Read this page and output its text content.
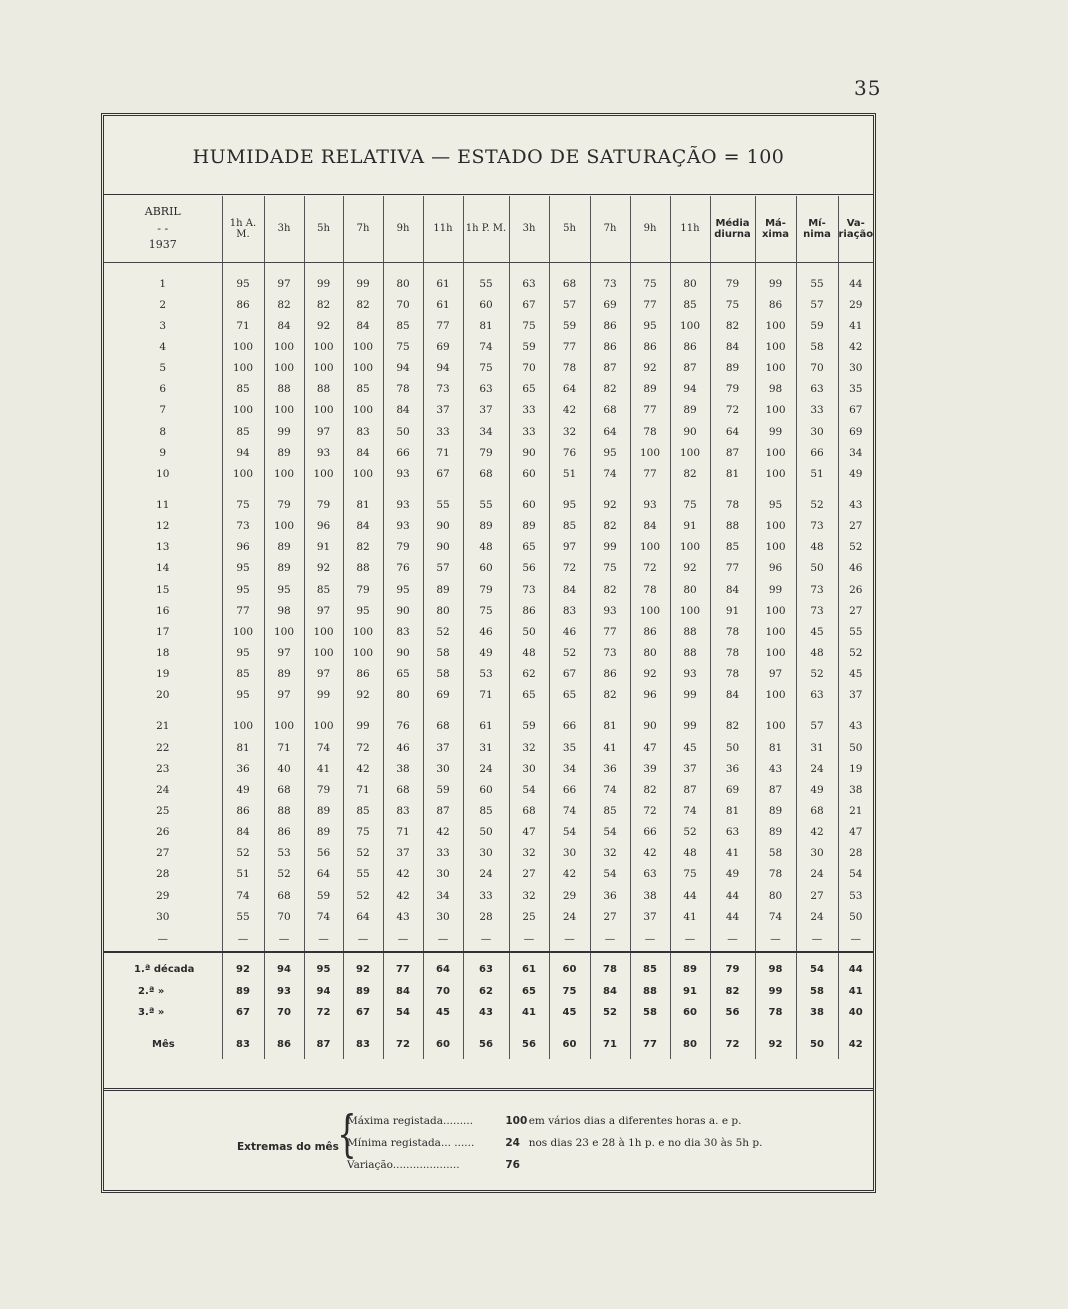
35
HUMIDADE RELATIVA — ESTADO DE SATURAÇÃO = 100
ABRIL
- -
1937	1h A. M.	3h	5h	7h	9h	11h	1h P. M.	3h	5h	7h	9h	11h	Média diurna	Má- xima	Mí- nima	Va- riação
1	95	97	99	99	80	61	55	63	68	73	75	80	79	99	55	44
2	86	82	82	82	70	61	60	67	57	69	77	85	75	86	57	29
3	71	84	92	84	85	77	81	75	59	86	95	100	82	100	59	41
4	100	100	100	100	75	69	74	59	77	86	86	86	84	100	58	42
5	100	100	100	100	94	94	75	70	78	87	92	87	89	100	70	30
6	85	88	88	85	78	73	63	65	64	82	89	94	79	98	63	35
7	100	100	100	100	84	37	37	33	42	68	77	89	72	100	33	67
8	85	99	97	83	50	33	34	33	32	64	78	90	64	99	30	69
9	94	89	93	84	66	71	79	90	76	95	100	100	87	100	66	34
10	100	100	100	100	93	67	68	60	51	74	77	82	81	100	51	49
11	75	79	79	81	93	55	55	60	95	92	93	75	78	95	52	43
12	73	100	96	84	93	90	89	89	85	82	84	91	88	100	73	27
13	96	89	91	82	79	90	48	65	97	99	100	100	85	100	48	52
14	95	89	92	88	76	57	60	56	72	75	72	92	77	96	50	46
15	95	95	85	79	95	89	79	73	84	82	78	80	84	99	73	26
16	77	98	97	95	90	80	75	86	83	93	100	100	91	100	73	27
17	100	100	100	100	83	52	46	50	46	77	86	88	78	100	45	55
18	95	97	100	100	90	58	49	48	52	73	80	88	78	100	48	52
19	85	89	97	86	65	58	53	62	67	86	92	93	78	97	52	45
20	95	97	99	92	80	69	71	65	65	82	96	99	84	100	63	37
21	100	100	100	99	76	68	61	59	66	81	90	99	82	100	57	43
22	81	71	74	72	46	37	31	32	35	41	47	45	50	81	31	50
23	36	40	41	42	38	30	24	30	34	36	39	37	36	43	24	19
24	49	68	79	71	68	59	60	54	66	74	82	87	69	87	49	38
25	86	88	89	85	83	87	85	68	74	85	72	74	81	89	68	21
26	84	86	89	75	71	42	50	47	54	54	66	52	63	89	42	47
27	52	53	56	52	37	33	30	32	30	32	42	48	41	58	30	28
28	51	52	64	55	42	30	24	27	42	54	63	75	49	78	24	54
29	74	68	59	52	42	34	33	32	29	36	38	44	44	80	27	53
30	55	70	74	64	43	30	28	25	24	27	37	41	44	74	24	50
—	—	—	—	—	—	—	—	—	—	—	—	—	—	—	—	—
1.ª década	92	94	95	92	77	64	63	61	60	78	85	89	79	98	54	44
2.ª »	89	93	94	89	84	70	62	65	75	84	88	91	82	99	58	41
3.ª »	67	70	72	67	54	45	43	41	45	52	58	60	56	78	38	40
Mês	83	86	87	83	72	60	56	56	60	71	77	80	72	92	50	42
Extremas do mês
{
Máxima registada.........	100 em vários dias a diferentes horas a. e p.
Mínima registada... ......	24 nos dias 23 e 28 à 1h p. e no dia 30 às 5h p.
Variação....................	76
